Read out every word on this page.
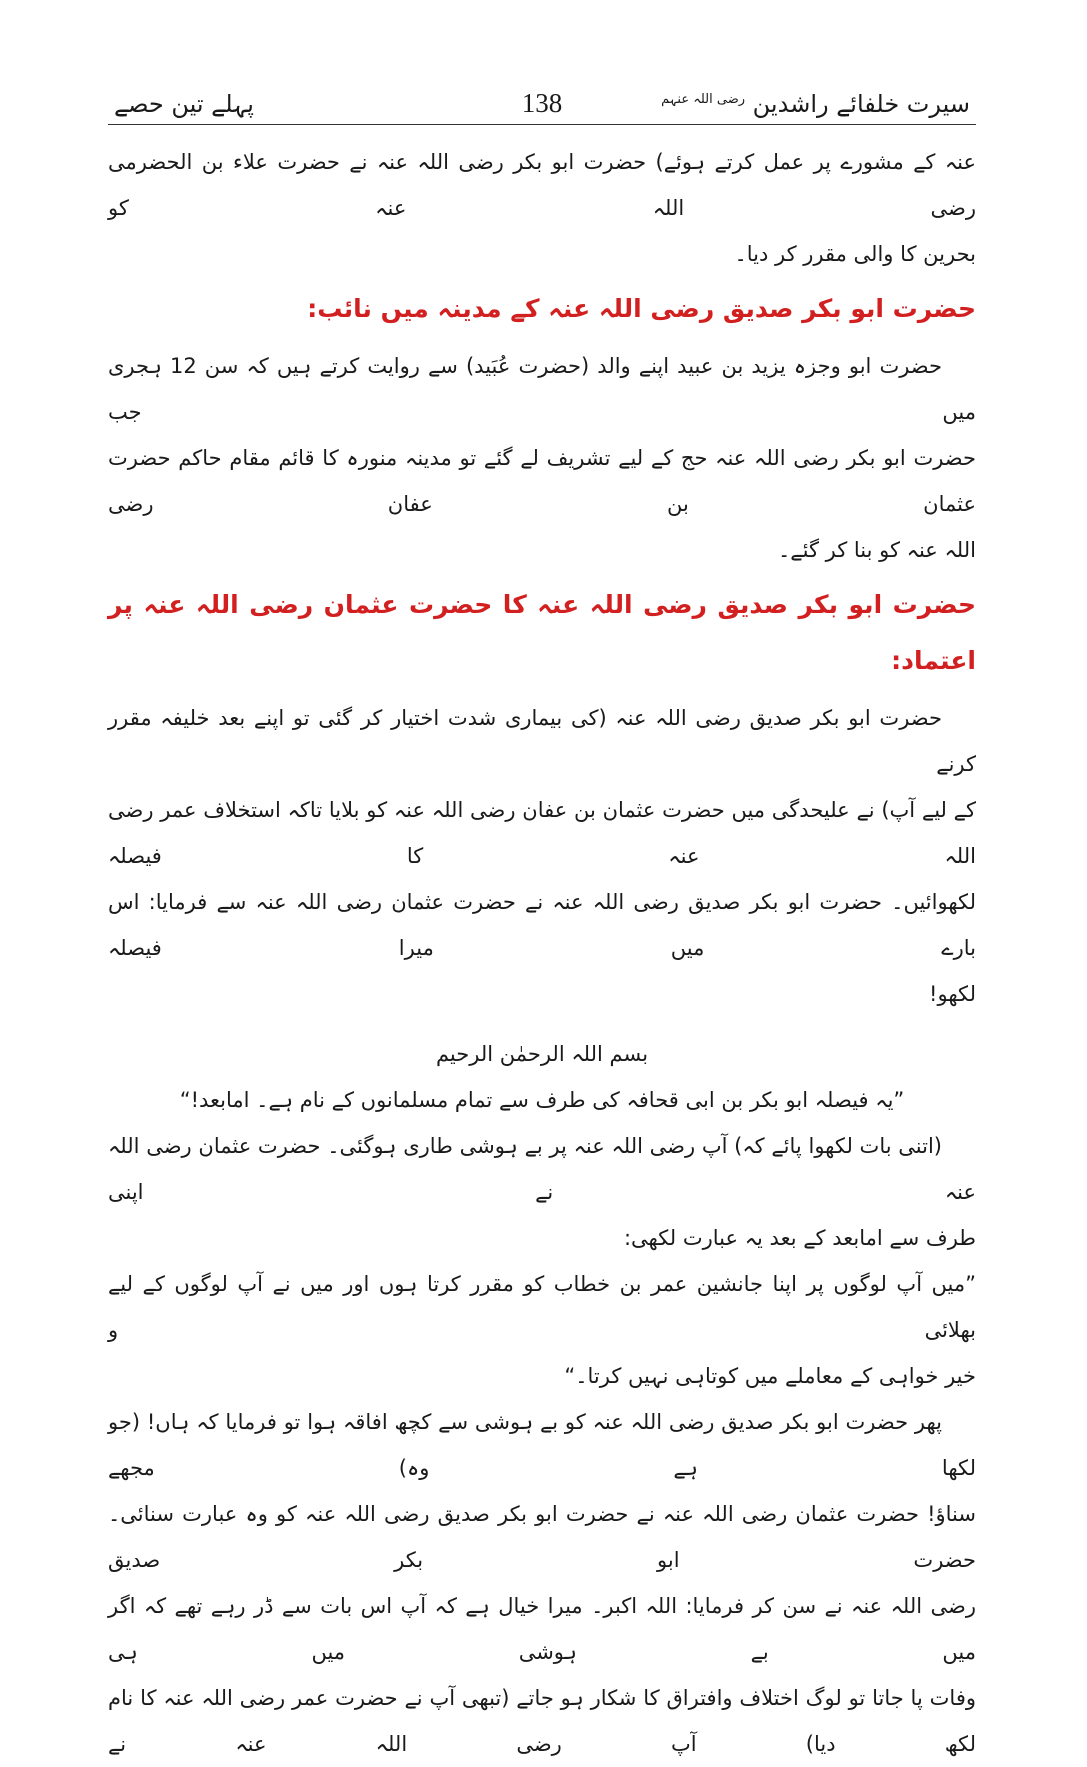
سیرت خلفائے راشدین $^{رضی اللہ عنہم}$
138
پہلے تین حصے

عنہ کے مشورے پر عمل کرتے ہوئے) حضرت ابو بکر رضی اللہ عنہ نے حضرت علاء بن الحضرمی رضی اللہ عنہ کو

بحرین کا والی مقرر کر دیا۔

حضرت ابو بکر صدیق رضی اللہ عنہ کے مدینہ میں نائب:

حضرت ابو وجزہ یزید بن عبید اپنے والد (حضرت عُبَید) سے روایت کرتے ہیں کہ سن 12 ہجری میں جب

حضرت ابو بکر رضی اللہ عنہ حج کے لیے تشریف لے گئے تو مدینہ منورہ کا قائم مقام حاکم حضرت عثمان بن عفان رضی

اللہ عنہ کو بنا کر گئے۔

حضرت ابو بکر صدیق رضی اللہ عنہ کا حضرت عثمان رضی اللہ عنہ پر اعتماد:

حضرت ابو بکر صدیق رضی اللہ عنہ (کی بیماری شدت اختیار کر گئی تو اپنے بعد خلیفہ مقرر کرنے

کے لیے آپ) نے علیحدگی میں حضرت عثمان بن عفان رضی اللہ عنہ کو بلایا تاکہ استخلاف عمر رضی اللہ عنہ کا فیصلہ

لکھوائیں۔ حضرت ابو بکر صدیق رضی اللہ عنہ نے حضرت عثمان رضی اللہ عنہ سے فرمایا: اس بارے میں میرا فیصلہ

لکھو!

بسم اللہ الرحمٰن الرحیم

”یہ فیصلہ ابو بکر بن ابی قحافہ کی طرف سے تمام مسلمانوں کے نام ہے۔ امابعد!“

(اتنی بات لکھوا پائے کہ) آپ رضی اللہ عنہ پر بے ہوشی طاری ہوگئی۔ حضرت عثمان رضی اللہ عنہ نے اپنی

طرف سے امابعد کے بعد یہ عبارت لکھی:

”میں آپ لوگوں پر اپنا جانشین عمر بن خطاب کو مقرر کرتا ہوں اور میں نے آپ لوگوں کے لیے بھلائی و

خیر خواہی کے معاملے میں کوتاہی نہیں کرتا۔“

پھر حضرت ابو بکر صدیق رضی اللہ عنہ کو بے ہوشی سے کچھ افاقہ ہوا تو فرمایا کہ ہاں! (جو لکھا ہے وہ) مجھے

سناؤ! حضرت عثمان رضی اللہ عنہ نے حضرت ابو بکر صدیق رضی اللہ عنہ کو وہ عبارت سنائی۔ حضرت ابو بکر صدیق

رضی اللہ عنہ نے سن کر فرمایا: اللہ اکبر۔ میرا خیال ہے کہ آپ اس بات سے ڈر رہے تھے کہ اگر میں بے ہوشی میں ہی

وفات پا جاتا تو لوگ اختلاف وافتراق کا شکار ہو جاتے (تبھی آپ نے حضرت عمر رضی اللہ عنہ کا نام لکھ دیا) آپ رضی اللہ عنہ نے
